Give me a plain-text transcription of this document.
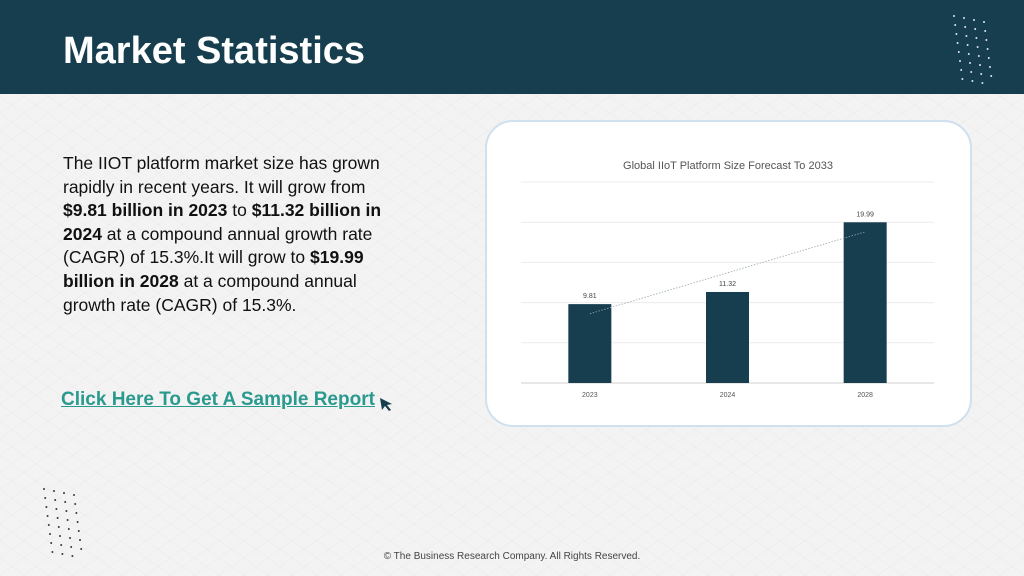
Market Statistics
The IIOT platform market size has grown rapidly in recent years. It will grow from $9.81 billion in 2023 to $11.32 billion in 2024 at a compound annual growth rate (CAGR) of 15.3%.It will grow to $19.99 billion in 2028 at a compound annual growth rate (CAGR) of 15.3%.
Click Here To Get A Sample Report
Global IIoT Platform Size Forecast To 2033
9.81
2023
11.32
2024
19.99
2028
© The Business Research Company. All Rights Reserved.
